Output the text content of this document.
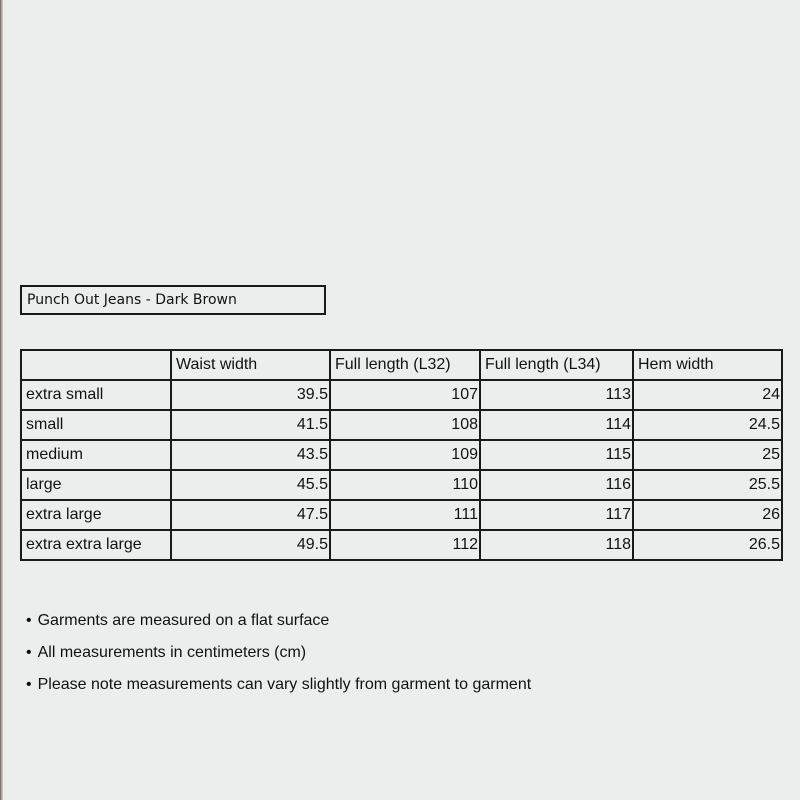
Punch Out Jeans - Dark Brown
	Waist width	Full length (L32)	Full length (L34)	Hem width
extra small	39.5	107	113	24
small	41.5	108	114	24.5
medium	43.5	109	115	25
large	45.5	110	116	25.5
extra large	47.5	111	117	26
extra extra large	49.5	112	118	26.5
• Garments are measured on a flat surface
• All measurements in centimeters (cm)
• Please note measurements can vary slightly from garment to garment
